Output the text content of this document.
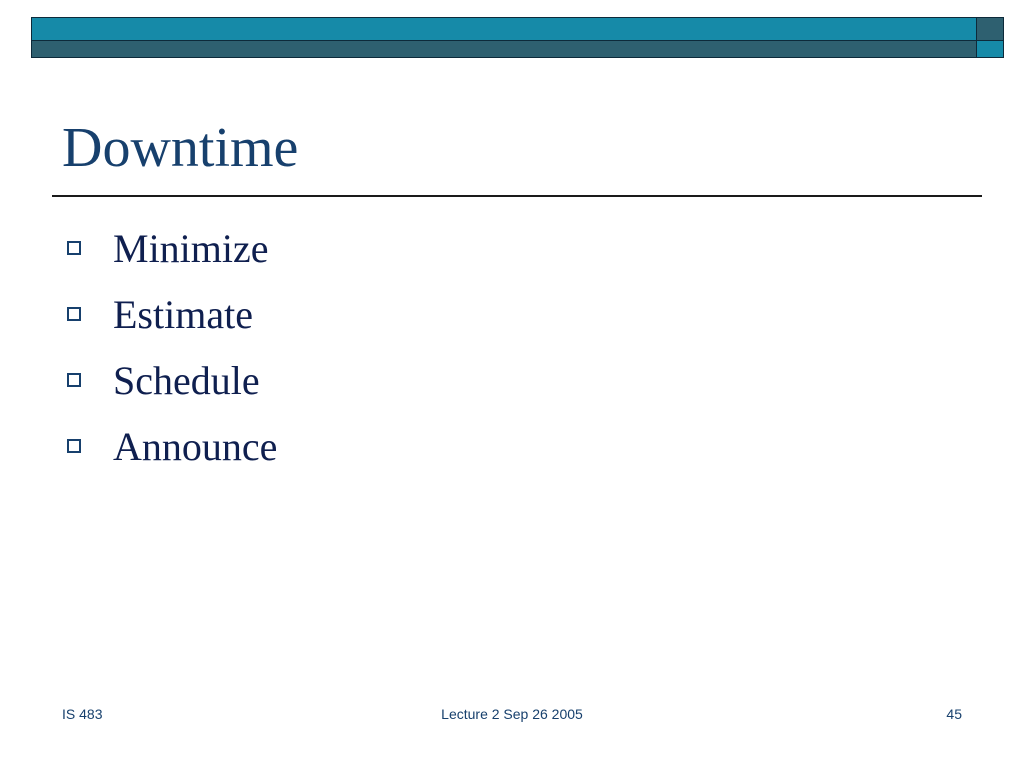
Downtime
Minimize
Estimate
Schedule
Announce
IS 483	Lecture 2 Sep 26 2005	45
